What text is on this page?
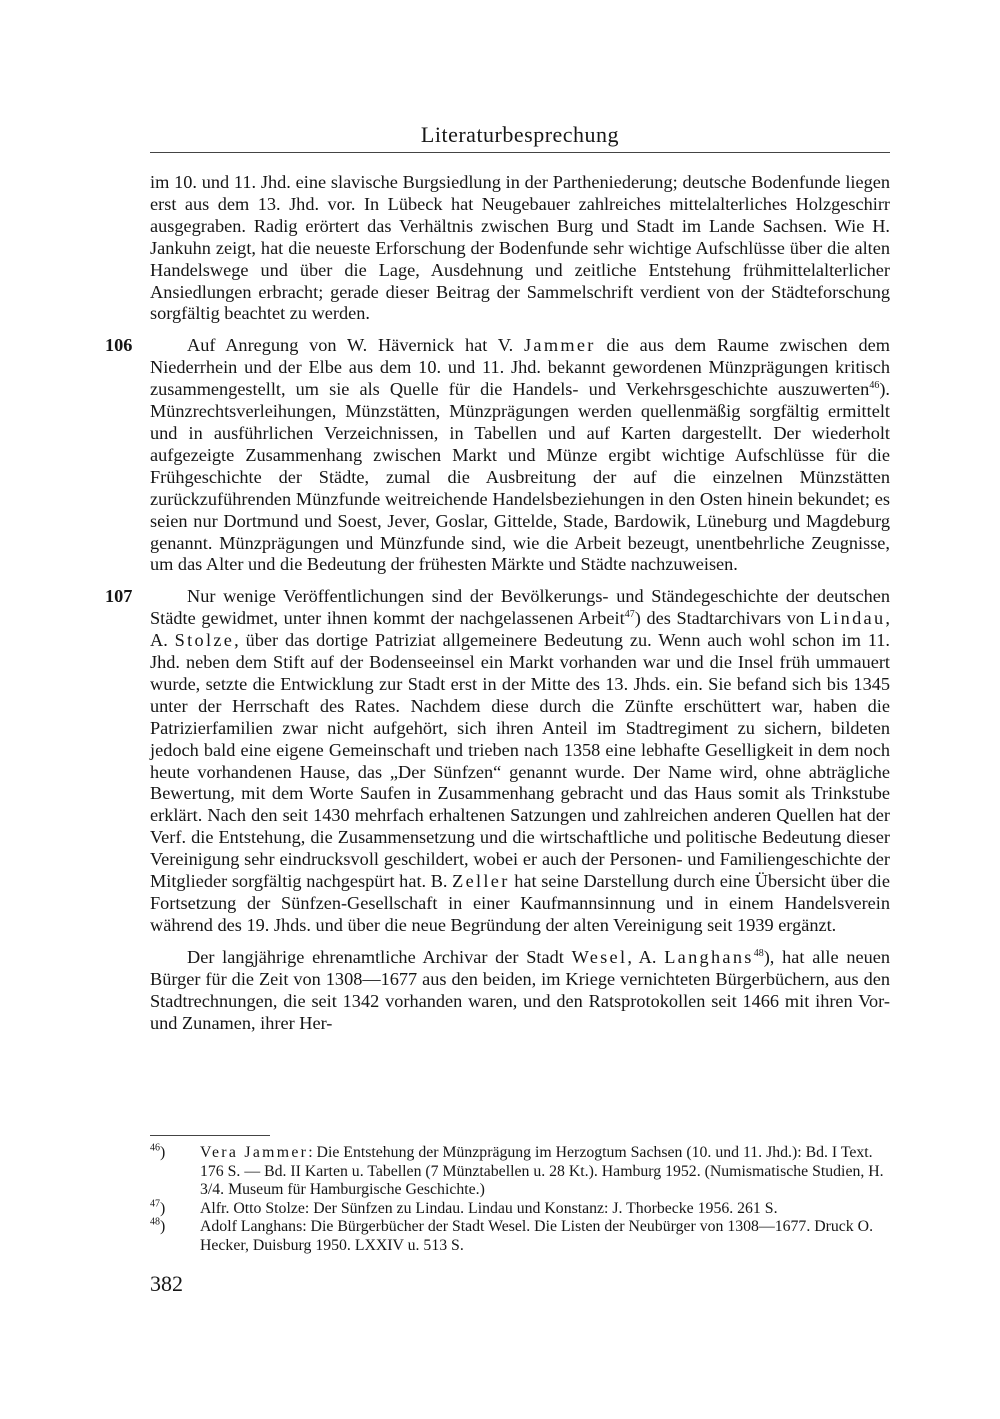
Literaturbesprechung

im 10. und 11. Jhd. eine slavische Burgsiedlung in der Partheniederung; deutsche Bodenfunde liegen erst aus dem 13. Jhd. vor. In Lübeck hat Neugebauer zahlreiches mittelalterliches Holzgeschirr ausgegraben. Radig erörtert das Verhältnis zwischen Burg und Stadt im Lande Sachsen. Wie H. Jankuhn zeigt, hat die neueste Erforschung der Bodenfunde sehr wichtige Aufschlüsse über die alten Handelswege und über die Lage, Ausdehnung und zeitliche Entstehung frühmittelalterlicher Ansiedlungen erbracht; gerade dieser Beitrag der Sammelschrift verdient von der Städteforschung sorgfältig beachtet zu werden.

106	Auf Anregung von W. Hävernick hat V. Jammer die aus dem Raume zwischen dem Niederrhein und der Elbe aus dem 10. und 11. Jhd. bekannt gewordenen Münzprägungen kritisch zusammengestellt, um sie als Quelle für die Handels- und Verkehrsgeschichte auszuwerten$^{46}$). Münzrechtsverleihungen, Münzstätten, Münzprägungen werden quellenmäßig sorgfältig ermittelt und in ausführlichen Verzeichnissen, in Tabellen und auf Karten dargestellt. Der wiederholt aufgezeigte Zusammenhang zwischen Markt und Münze ergibt wichtige Aufschlüsse für die Frühgeschichte der Städte, zumal die Ausbreitung der auf die einzelnen Münzstätten zurückzuführenden Münzfunde weitreichende Handelsbeziehungen in den Osten hinein bekundet; es seien nur Dortmund und Soest, Jever, Goslar, Gittelde, Stade, Bardowik, Lüneburg und Magdeburg genannt. Münzprägungen und Münzfunde sind, wie die Arbeit bezeugt, unentbehrliche Zeugnisse, um das Alter und die Bedeutung der frühesten Märkte und Städte nachzuweisen.

107	Nur wenige Veröffentlichungen sind der Bevölkerungs- und Ständegeschichte der deutschen Städte gewidmet, unter ihnen kommt der nachgelassenen Arbeit$^{47}$) des Stadtarchivars von Lindau, A. Stolze, über das dortige Patriziat allgemeinere Bedeutung zu. Wenn auch wohl schon im 11. Jhd. neben dem Stift auf der Bodenseeinsel ein Markt vorhanden war und die Insel früh ummauert wurde, setzte die Entwicklung zur Stadt erst in der Mitte des 13. Jhds. ein. Sie befand sich bis 1345 unter der Herrschaft des Rates. Nachdem diese durch die Zünfte erschüttert war, haben die Patrizierfamilien zwar nicht aufgehört, sich ihren Anteil im Stadtregiment zu sichern, bildeten jedoch bald eine eigene Gemeinschaft und trieben nach 1358 eine lebhafte Geselligkeit in dem noch heute vorhandenen Hause, das „Der Sünfzen“ genannt wurde. Der Name wird, ohne abträgliche Bewertung, mit dem Worte Saufen in Zusammenhang gebracht und das Haus somit als Trinkstube erklärt. Nach den seit 1430 mehrfach erhaltenen Satzungen und zahlreichen anderen Quellen hat der Verf. die Entstehung, die Zusammensetzung und die wirtschaftliche und politische Bedeutung dieser Vereinigung sehr eindrucksvoll geschildert, wobei er auch der Personen- und Familiengeschichte der Mitglieder sorgfältig nachgespürt hat. B. Zeller hat seine Darstellung durch eine Übersicht über die Fortsetzung der Sünfzen-Gesellschaft in einer Kaufmannsinnung und in einem Handelsverein während des 19. Jhds. und über die neue Begründung der alten Vereinigung seit 1939 ergänzt.

Der langjährige ehrenamtliche Archivar der Stadt Wesel, A. Langhans$^{48}$), hat alle neuen Bürger für die Zeit von 1308—1677 aus den beiden, im Kriege vernichteten Bürgerbüchern, aus den Stadtrechnungen, die seit 1342 vorhanden waren, und den Ratsprotokollen seit 1466 mit ihren Vor- und Zunamen, ihrer Her-

$^{46}$) Vera Jammer: Die Entstehung der Münzprägung im Herzogtum Sachsen (10. und 11. Jhd.): Bd. I Text. 176 S. — Bd. II Karten u. Tabellen (7 Münztabellen u. 28 Kt.). Hamburg 1952. (Numismatische Studien, H. 3/4. Museum für Hamburgische Geschichte.)
$^{47}$) Alfr. Otto Stolze: Der Sünfzen zu Lindau. Lindau und Konstanz: J. Thorbecke 1956. 261 S.
$^{48}$) Adolf Langhans: Die Bürgerbücher der Stadt Wesel. Die Listen der Neubürger von 1308—1677. Druck O. Hecker, Duisburg 1950. LXXIV u. 513 S.
382
